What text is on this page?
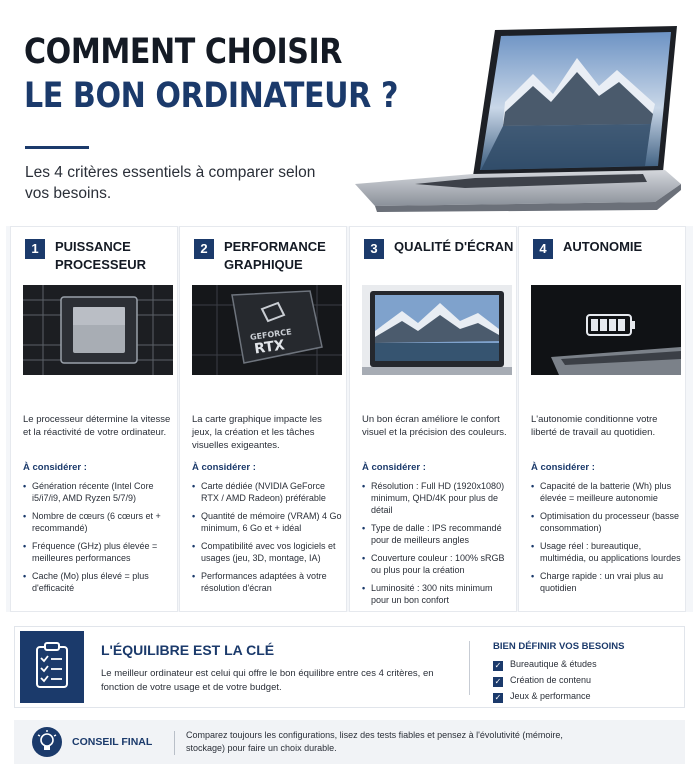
COMMENT CHOISIR
LE BON ORDINATEUR ?
Les 4 critères essentiels à comparer selon vos besoins.
1	PUISSANCE PROCESSEUR
Le processeur détermine la vitesse et la réactivité de votre ordinateur.
À considérer :
• Génération récente (Intel Core i5/i7/i9, AMD Ryzen 5/7/9)
• Nombre de cœurs (6 cœurs et + recommandé)
• Fréquence (GHz) plus élevée = meilleures performances
• Cache (Mo) plus élevé = plus d'efficacité
2	PERFORMANCE GRAPHIQUE
GEFORCE
RTX
La carte graphique impacte les jeux, la création et les tâches visuelles exigeantes.
À considérer :
• Carte dédiée (NVIDIA GeForce RTX / AMD Radeon) préférable
• Quantité de mémoire (VRAM) 4 Go minimum, 6 Go et + idéal
• Compatibilité avec vos logiciels et usages (jeu, 3D, montage, IA)
• Performances adaptées à votre résolution d'écran
3	QUALITÉ D'ÉCRAN
Un bon écran améliore le confort visuel et la précision des couleurs.
À considérer :
• Résolution : Full HD (1920x1080) minimum, QHD/4K pour plus de détail
• Type de dalle : IPS recommandé pour de meilleurs angles
• Couverture couleur : 100% sRGB ou plus pour la création
• Luminosité : 300 nits minimum pour un bon confort
4	AUTONOMIE
L'autonomie conditionne votre liberté de travail au quotidien.
À considérer :
• Capacité de la batterie (Wh) plus élevée = meilleure autonomie
• Optimisation du processeur (basse consommation)
• Usage réel : bureautique, multimédia, ou applications lourdes
• Charge rapide : un vrai plus au quotidien
L'ÉQUILIBRE EST LA CLÉ
Le meilleur ordinateur est celui qui offre le bon équilibre entre ces 4 critères, en fonction de votre usage et de votre budget.
BIEN DÉFINIR VOS BESOINS
✓ Bureautique & études
✓ Création de contenu
✓ Jeux & performance
CONSEIL FINAL
Comparez toujours les configurations, lisez des tests fiables et pensez à l'évolutivité (mémoire, stockage) pour faire un choix durable.
